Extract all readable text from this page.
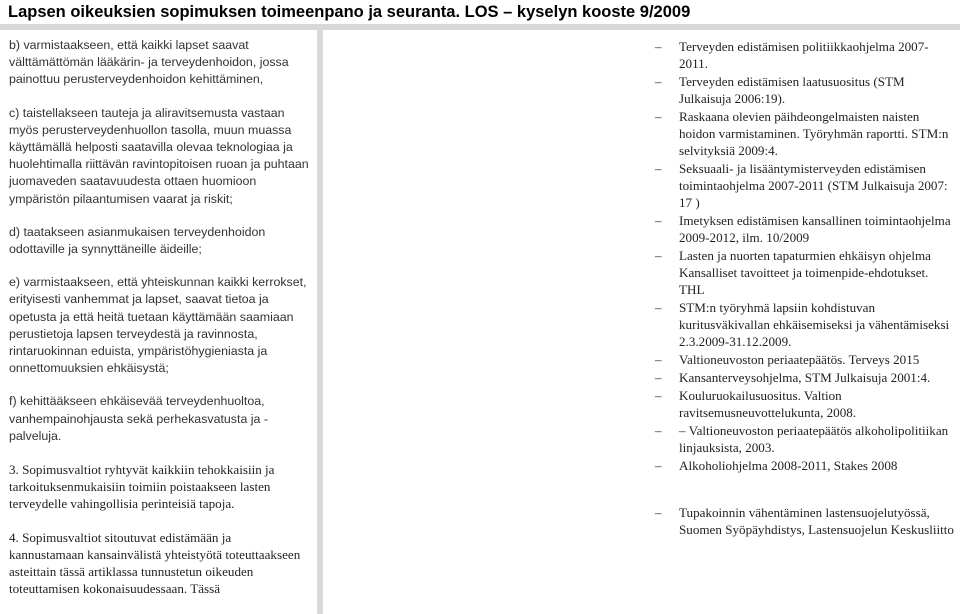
Lapsen oikeuksien sopimuksen toimeenpano ja seuranta. LOS – kyselyn kooste 9/2009

b) varmistaakseen, että kaikki lapset saavat välttämättömän lääkärin- ja terveydenhoidon, jossa painottuu perusterveydenhoidon kehittäminen,

c) taistellakseen tauteja ja aliravitsemusta vastaan myös perusterveydenhuollon tasolla, muun muassa käyttämällä helposti saatavilla olevaa teknologiaa ja huolehtimalla riittävän ravintopitoisen ruoan ja puhtaan juomaveden saatavuudesta ottaen huomioon ympäristön pilaantumisen vaarat ja riskit;

d) taatakseen asianmukaisen terveydenhoidon odottaville ja synnyttäneille äideille;

e) varmistaakseen, että yhteiskunnan kaikki kerrokset, erityisesti vanhemmat ja lapset, saavat tietoa ja opetusta ja että heitä tuetaan käyttämään saamiaan perustietoja lapsen terveydestä ja ravinnosta, rintaruokinnan eduista, ympäristöhygieniasta ja onnettomuuksien ehkäisystä;

f) kehittääkseen ehkäisevää terveydenhuoltoa, vanhempainohjausta sekä perhekasvatusta ja -palveluja.

3. Sopimusvaltiot ryhtyvät kaikkiin tehokkaisiin ja tarkoituksenmukaisiin toimiin poistaakseen lasten terveydelle vahingollisia perinteisiä tapoja.

4. Sopimusvaltiot sitoutuvat edistämään ja kannustamaan kansainvälistä yhteistyötä toteuttaakseen asteittain tässä artiklassa tunnustetun oikeuden toteuttamisen kokonaisuudessaan. Tässä

–	Terveyden edistämisen politiikkaohjelma 2007-2011.
–	Terveyden edistämisen laatusuositus (STM Julkaisuja 2006:19).
–	Raskaana olevien päihdeongelmaisten naisten hoidon varmistaminen. Työryhmän raportti. STM:n selvityksiä 2009:4.
–	Seksuaali- ja lisääntymisterveyden edistämisen toimintaohjelma 2007-2011 (STM Julkaisuja 2007: 17 )
–	Imetyksen edistämisen kansallinen toimintaohjelma 2009-2012, ilm. 10/2009
–	Lasten ja nuorten tapaturmien ehkäisyn ohjelma Kansalliset tavoitteet ja toimenpide-ehdotukset. THL
–	STM:n työryhmä lapsiin kohdistuvan kuritusväkivallan ehkäisemiseksi ja vähentämiseksi 2.3.2009-31.12.2009.
–	Valtioneuvoston periaatepäätös. Terveys 2015
–	Kansanterveysohjelma, STM Julkaisuja 2001:4.
–	Kouluruokailusuositus. Valtion ravitsemusneuvottelukunta, 2008.
–	– Valtioneuvoston periaatepäätös alkoholipolitiikan linjauksista, 2003.
–	Alkoholiohjelma 2008-2011, Stakes 2008
–	Tupakoinnin vähentäminen lastensuojelutyössä, Suomen Syöpäyhdistys, Lastensuojelun Keskusliitto
